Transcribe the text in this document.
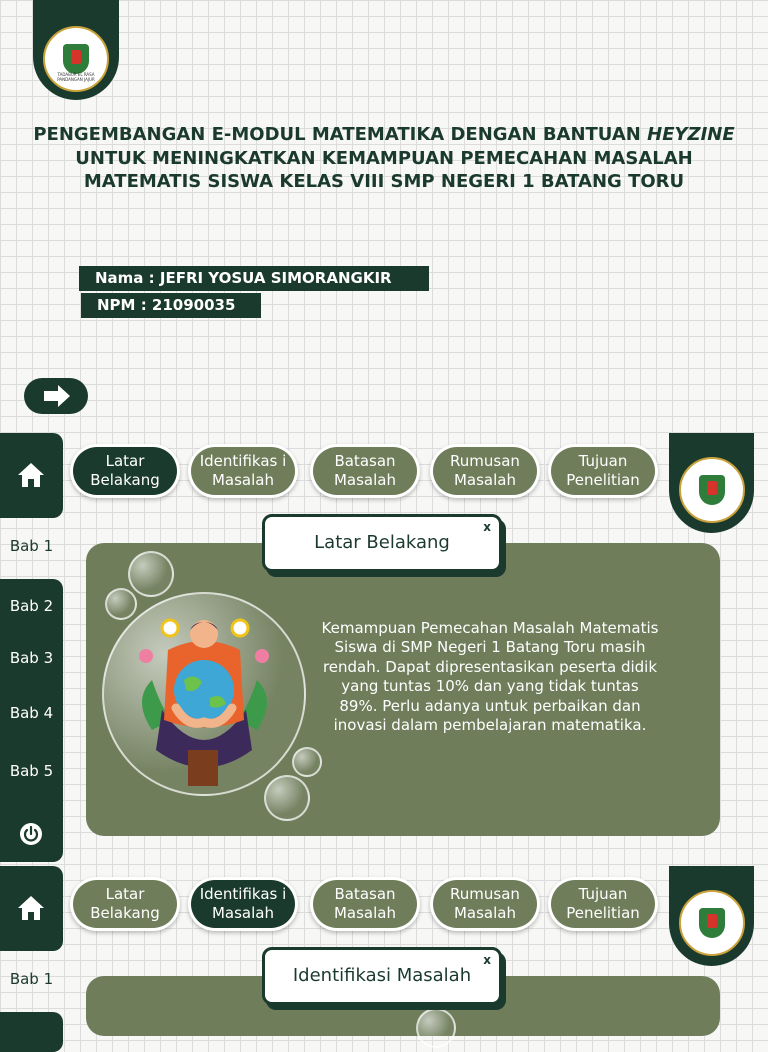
TADABUR EL RASA PANDANGAN JAJUR
PENGEMBANGAN E-MODUL MATEMATIKA DENGAN BANTUAN HEYZINE
UNTUK MENINGKATKAN KEMAMPUAN PEMECAHAN MASALAH
MATEMATIS SISWA KELAS VIII SMP NEGERI 1 BATANG TORU
Nama : JEFRI YOSUA SIMORANGKIR
NPM : 21090035
Bab 1
Bab 2
Bab 3
Bab 4
Bab 5
Latar Belakang
Identifikas i Masalah
Batasan Masalah
Rumusan Masalah
Tujuan Penelitian
Latar Belakang
x
Kemampuan Pemecahan Masalah Matematis Siswa di SMP Negeri 1 Batang Toru masih rendah. Dapat dipresentasikan peserta didik yang tuntas 10% dan yang tidak tuntas 89%. Perlu adanya untuk perbaikan dan inovasi dalam pembelajaran matematika.
Bab 1
Latar Belakang
Identifikas i Masalah
Batasan Masalah
Rumusan Masalah
Tujuan Penelitian
Identifikasi Masalah
x
